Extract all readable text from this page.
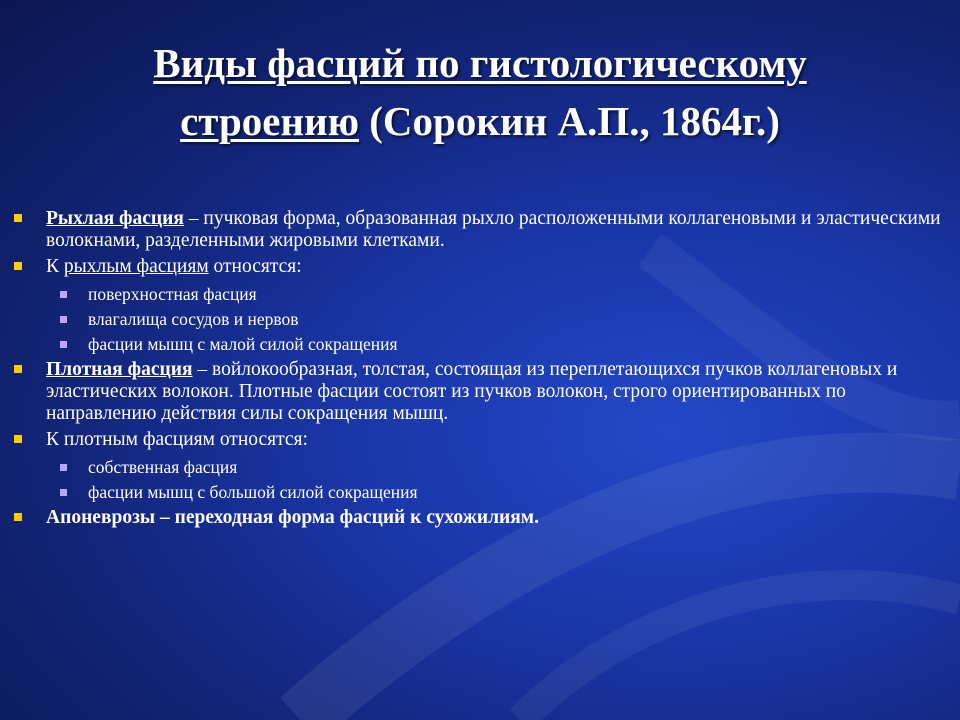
Виды фасций по гистологическому
строению (Сорокин А.П., 1864г.)
Рыхлая фасция – пучковая форма, образованная рыхло расположенными коллагеновыми и эластическими волокнами, разделенными жировыми клетками.
К рыхлым фасциям относятся:
поверхностная фасция
влагалища сосудов и нервов
фасции мышц с малой силой сокращения
Плотная фасция – войлокообразная, толстая, состоящая из переплетающихся пучков коллагеновых и эластических волокон. Плотные фасции состоят из пучков волокон, строго ориентированных по направлению действия силы сокращения мышц.
К плотным фасциям относятся:
собственная фасция
фасции мышц с большой силой сокращения
Апоневрозы – переходная форма фасций к сухожилиям.
